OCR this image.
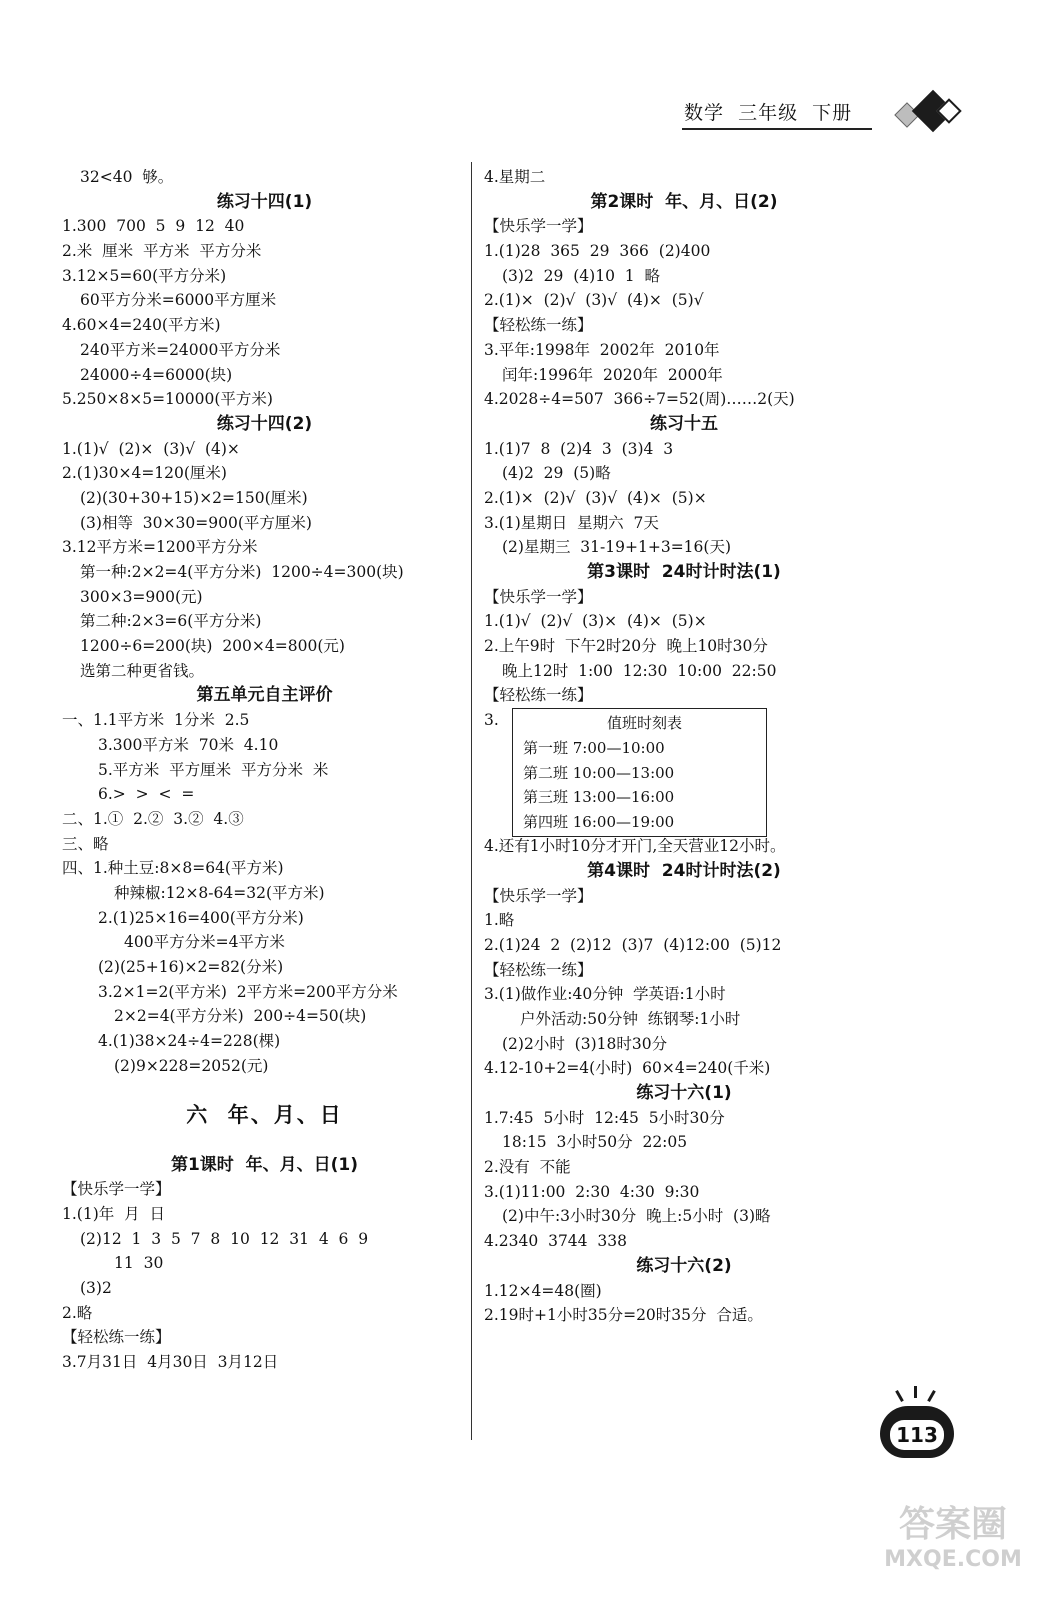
数学  三年级  下册
32<40  够。
练习十四(1)
1.300  700  5  9  12  40
2.米  厘米  平方米  平方分米
3.12×5=60(平方分米)
60平方分米=6000平方厘米
4.60×4=240(平方米)
240平方米=24000平方分米
24000÷4=6000(块)
5.250×8×5=10000(平方米)
练习十四(2)
1.(1)√  (2)×  (3)√  (4)×
2.(1)30×4=120(厘米)
(2)(30+30+15)×2=150(厘米)
(3)相等  30×30=900(平方厘米)
3.12平方米=1200平方分米
第一种:2×2=4(平方分米)  1200÷4=300(块)
300×3=900(元)
第二种:2×3=6(平方分米)
1200÷6=200(块)  200×4=800(元)
选第二种更省钱。
第五单元自主评价
一、1.1平方米  1分米  2.5
3.300平方米  70米  4.10
5.平方米  平方厘米  平方分米  米
6.>  >  <  =
二、1.①  2.②  3.②  4.③
三、略
四、1.种土豆:8×8=64(平方米)
种辣椒:12×8-64=32(平方米)
2.(1)25×16=400(平方分米)
400平方分米=4平方米
(2)(25+16)×2=82(分米)
3.2×1=2(平方米)  2平方米=200平方分米
2×2=4(平方分米)  200÷4=50(块)
4.(1)38×24÷4=228(棵)
(2)9×228=2052(元)
六  年、月、日
第1课时  年、月、日(1)
【快乐学一学】
1.(1)年  月  日
(2)12  1  3  5  7  8  10  12  31  4  6  9
11  30
(3)2
2.略
【轻松练一练】
3.7月31日  4月30日  3月12日
4.星期二
第2课时  年、月、日(2)
【快乐学一学】
1.(1)28  365  29  366  (2)400
(3)2  29  (4)10  1  略
2.(1)×  (2)√  (3)√  (4)×  (5)√
【轻松练一练】
3.平年:1998年  2002年  2010年
闰年:1996年  2020年  2000年
4.2028÷4=507  366÷7=52(周)……2(天)
练习十五
1.(1)7  8  (2)4  3  (3)4  3
(4)2  29  (5)略
2.(1)×  (2)√  (3)√  (4)×  (5)×
3.(1)星期日  星期六  7天
(2)星期三  31-19+1+3=16(天)
第3课时  24时计时法(1)
【快乐学一学】
1.(1)√  (2)√  (3)×  (4)×  (5)×
2.上午9时  下午2时20分  晚上10时30分
晚上12时  1:00  12:30  10:00  22:50
【轻松练一练】
3.	值班时刻表
第一班 7:00—10:00
第二班 10:00—13:00
第三班 13:00—16:00
第四班 16:00—19:00
4.还有1小时10分才开门,全天营业12小时。
第4课时  24时计时法(2)
【快乐学一学】
1.略
2.(1)24  2  (2)12  (3)7  (4)12:00  (5)12
【轻松练一练】
3.(1)做作业:40分钟  学英语:1小时
户外活动:50分钟  练钢琴:1小时
(2)2小时  (3)18时30分
4.12-10+2=4(小时)  60×4=240(千米)
练习十六(1)
1.7:45  5小时  12:45  5小时30分
18:15  3小时50分  22:05
2.没有  不能
3.(1)11:00  2:30  4:30  9:30
(2)中午:3小时30分  晚上:5小时  (3)略
4.2340  3744  338
练习十六(2)
1.12×4=48(圈)
2.19时+1小时35分=20时35分  合适。
113
答案圈
MXQE.COM
